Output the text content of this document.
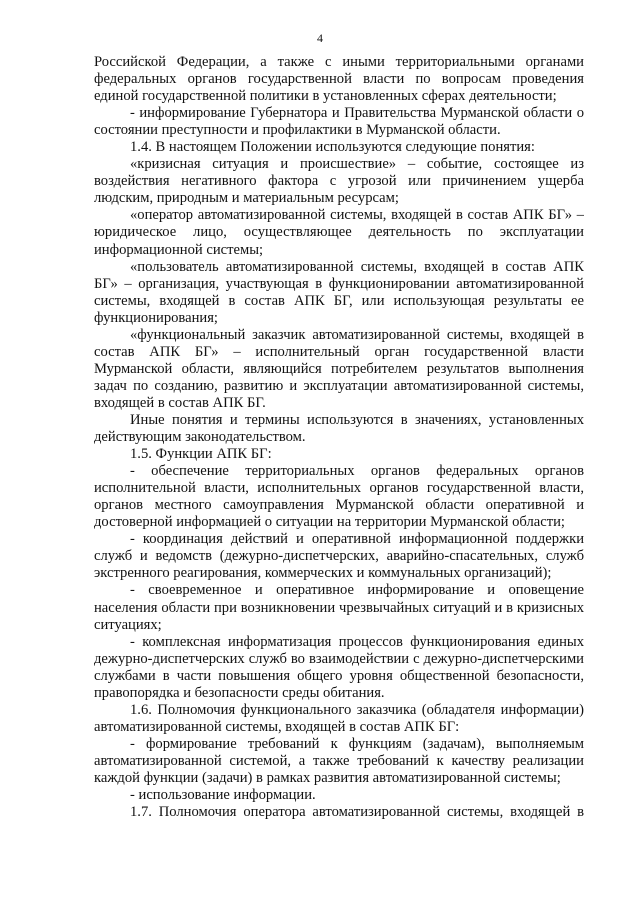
4
Российской Федерации, а также с иными территориальными органами
федеральных органов государственной власти по вопросам проведения
единой государственной политики в установленных сферах деятельности;
- информирование Губернатора и Правительства Мурманской области о
состоянии преступности и профилактики в Мурманской области.
1.4. В настоящем Положении используются следующие понятия:
«кризисная ситуация и происшествие» – событие, состоящее из
воздействия негативного фактора с угрозой или причинением ущерба
людским, природным и материальным ресурсам;
«оператор автоматизированной системы, входящей в состав АПК БГ» –
юридическое лицо, осуществляющее деятельность по эксплуатации
информационной системы;
«пользователь автоматизированной системы, входящей в состав АПК
БГ» – организация, участвующая в функционировании автоматизированной
системы, входящей в состав АПК БГ, или использующая результаты ее
функционирования;
«функциональный заказчик автоматизированной системы, входящей в
состав АПК БГ» – исполнительный орган государственной власти
Мурманской области, являющийся потребителем результатов выполнения
задач по созданию, развитию и эксплуатации автоматизированной системы,
входящей в состав АПК БГ.
Иные понятия и термины используются в значениях, установленных
действующим законодательством.
1.5. Функции АПК БГ:
- обеспечение территориальных органов федеральных органов
исполнительной власти, исполнительных органов государственной власти,
органов местного самоуправления Мурманской области оперативной и
достоверной информацией о ситуации на территории Мурманской области;
- координация действий и оперативной информационной поддержки
служб и ведомств (дежурно-диспетчерских, аварийно-спасательных, служб
экстренного реагирования, коммерческих и коммунальных организаций);
- своевременное и оперативное информирование и оповещение
населения области при возникновении чрезвычайных ситуаций и в кризисных
ситуациях;
- комплексная информатизация процессов функционирования единых
дежурно-диспетчерских служб во взаимодействии с дежурно-диспетчерскими
службами в части повышения общего уровня общественной безопасности,
правопорядка и безопасности среды обитания.
1.6. Полномочия функционального заказчика (обладателя информации)
автоматизированной системы, входящей в состав АПК БГ:
- формирование требований к функциям (задачам), выполняемым
автоматизированной системой, а также требований к качеству реализации
каждой функции (задачи) в рамках развития автоматизированной системы;
- использование информации.
1.7. Полномочия оператора автоматизированной системы, входящей в
